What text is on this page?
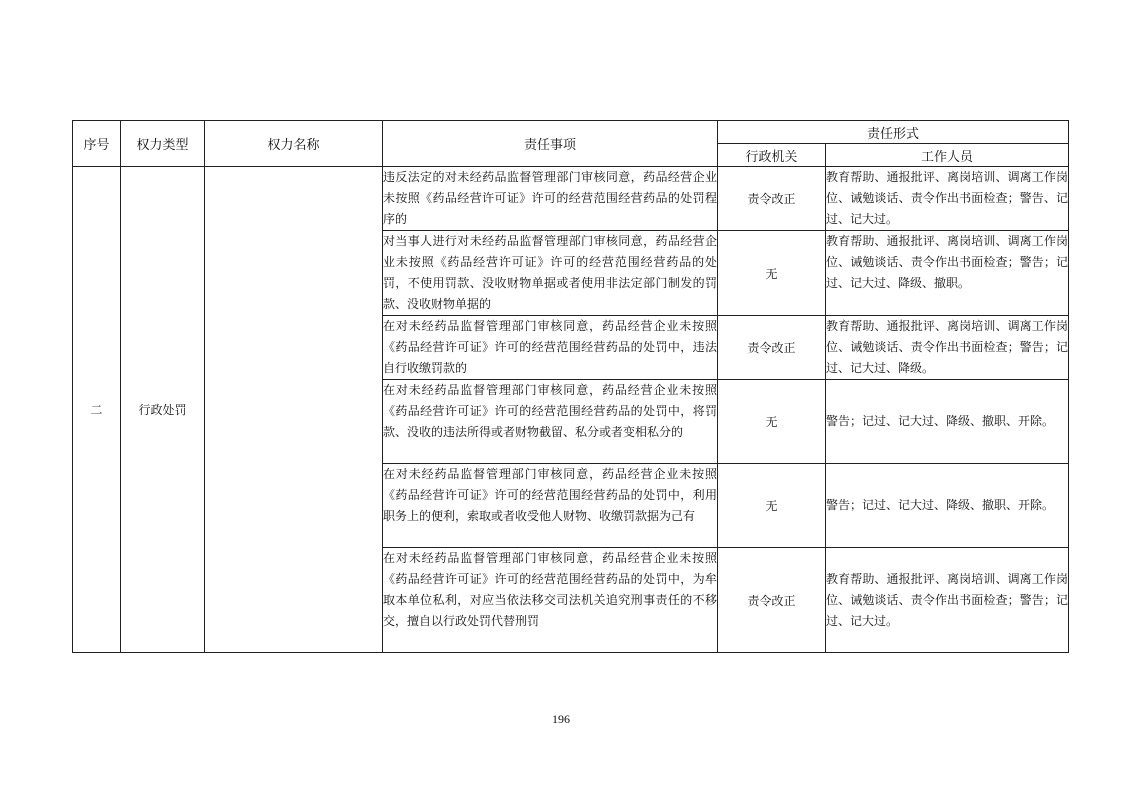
序号	权力类型	权力名称	责任事项	责任形式	
				行政机关	工作人员
二	行政处罚		违反法定的对未经药品监督管理部门审核同意，药品经营企业未按照《药品经营许可证》许可的经营范围经营药品的处罚程序的	责令改正	教育帮助、通报批评、离岗培训、调离工作岗位、诫勉谈话、责令作出书面检查；警告、记过、记大过。
			对当事人进行对未经药品监督管理部门审核同意，药品经营企业未按照《药品经营许可证》许可的经营范围经营药品的处罚，不使用罚款、没收财物单据或者使用非法定部门制发的罚款、没收财物单据的	无	教育帮助、通报批评、离岗培训、调离工作岗位、诫勉谈话、责令作出书面检查；警告；记过、记大过、降级、撤职。
			在对未经药品监督管理部门审核同意，药品经营企业未按照《药品经营许可证》许可的经营范围经营药品的处罚中，违法自行收缴罚款的	责令改正	教育帮助、通报批评、离岗培训、调离工作岗位、诫勉谈话、责令作出书面检查；警告；记过、记大过、降级。
			在对未经药品监督管理部门审核同意，药品经营企业未按照《药品经营许可证》许可的经营范围经营药品的处罚中，将罚款、没收的违法所得或者财物截留、私分或者变相私分的	无	警告；记过、记大过、降级、撤职、开除。
			在对未经药品监督管理部门审核同意，药品经营企业未按照《药品经营许可证》许可的经营范围经营药品的处罚中，利用职务上的便利，索取或者收受他人财物、收缴罚款据为己有	无	警告；记过、记大过、降级、撤职、开除。
			在对未经药品监督管理部门审核同意，药品经营企业未按照《药品经营许可证》许可的经营范围经营药品的处罚中，为牟取本单位私利，对应当依法移交司法机关追究刑事责任的不移交，擅自以行政处罚代替刑罚	责令改正	教育帮助、通报批评、离岗培训、调离工作岗位、诫勉谈话、责令作出书面检查；警告；记过、记大过。
196
